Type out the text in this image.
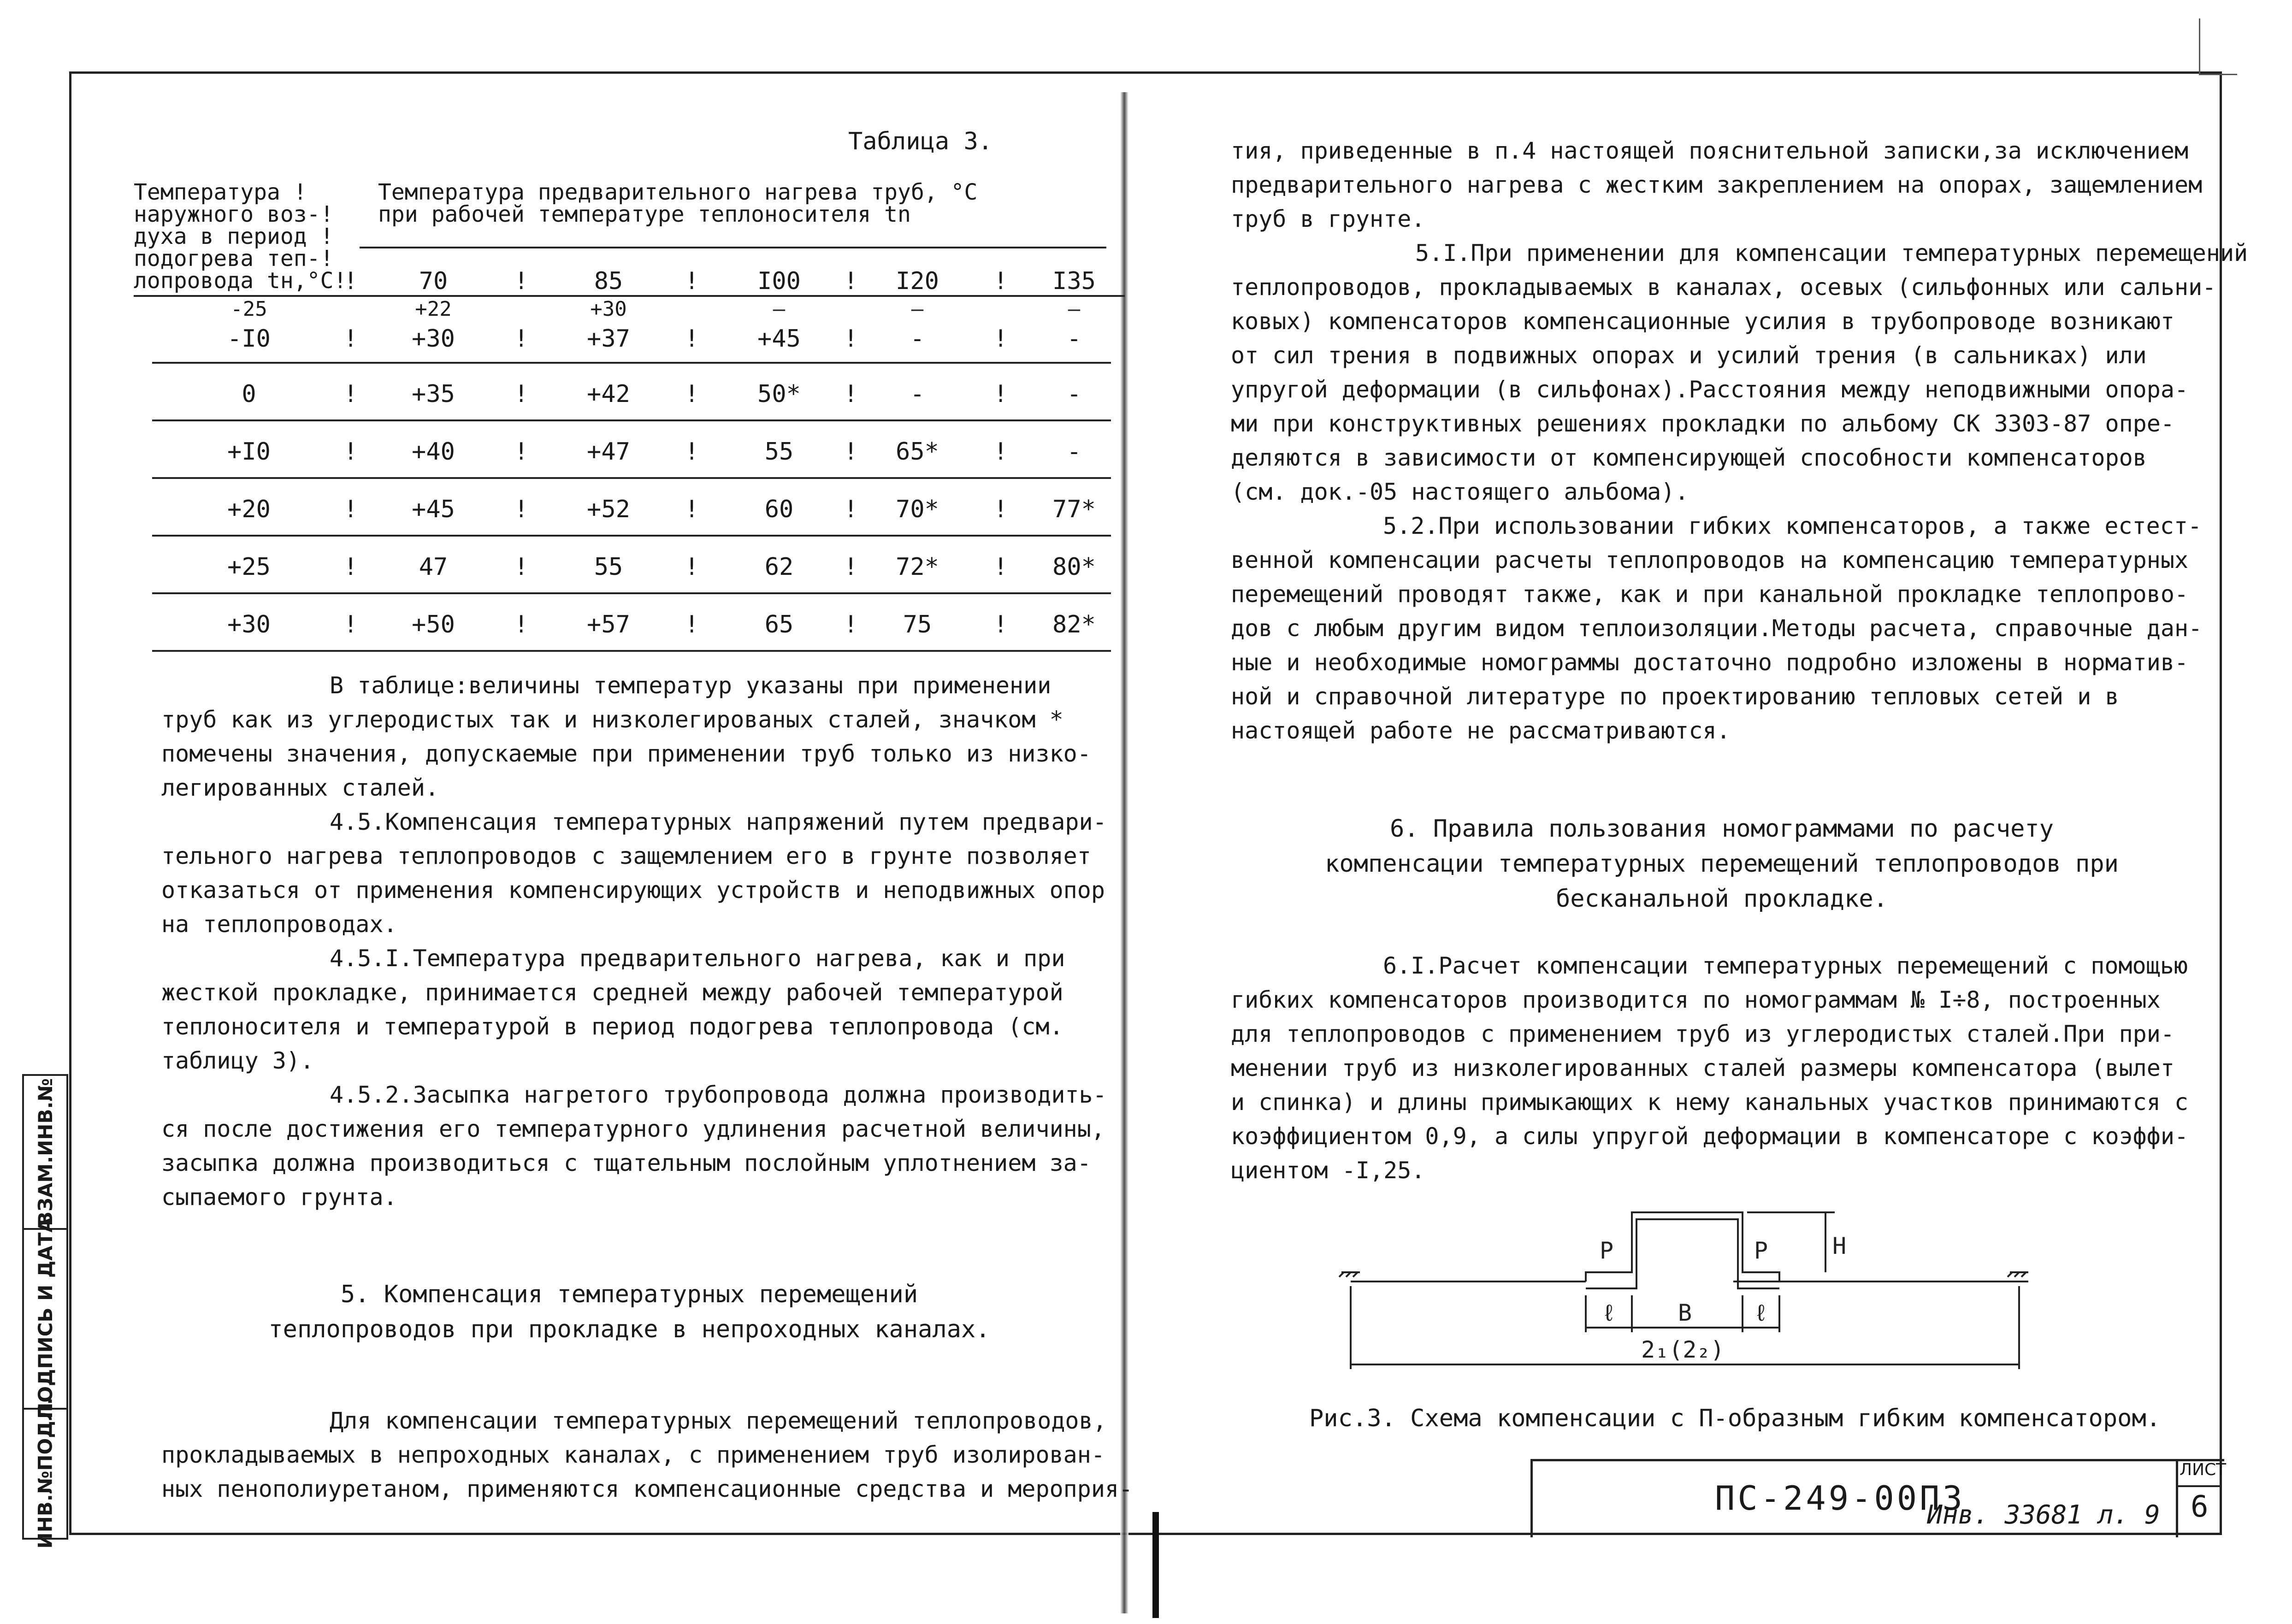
ВЗАМ.ИНВ.№
ПОДПИСЬ И ДАТА
ИНВ.№ПОДЛ.
Таблица 3.
Температура !
наружного воз-!
духа в период !
подогрева теп-!
лопровода tн,°С!
Температура предварительного нагрева труб, °С
при рабочей температуре теплоносителя tn
70	85	I00	I20	I35
-25	+22	+30	—	—	—
-I0	+30	+37	+45	-	-
0	+35	+42	50*	-	-
+I0	+40	+47	55	65*	-
+20	+45	+52	60	70*	77*
+25	47	55	62	72*	80*
+30	+50	+57	65	75	82*
!	!	!	!	!
!	!	!	!	!
!	!	!	!	!
!	!	!	!	!
!	!	!	!	!
!	!	!	!	!
!	!	!	!	!
В таблице:величины температур указаны при применении
труб как из углеродистых так и низколегированых сталей, значком *
помечены значения, допускаемые при применении труб только из низко-
легированных сталей.
4.5.Компенсация температурных напряжений путем предвари-
тельного нагрева теплопроводов с защемлением его в грунте позволяет
отказаться от применения компенсирующих устройств и неподвижных опор
на теплопроводах.
4.5.I.Температура предварительного нагрева, как и при
жесткой прокладке, принимается средней между рабочей температурой
теплоносителя и температурой в период подогрева теплопровода (см.
таблицу 3).
4.5.2.Засыпка нагретого трубопровода должна производить-
ся после достижения его температурного удлинения расчетной величины,
засыпка должна производиться с тщательным послойным уплотнением за-
сыпаемого грунта.
5. Компенсация температурных перемещений
теплопроводов при прокладке в непроходных каналах.
Для компенсации температурных перемещений теплопроводов,
прокладываемых в непроходных каналах, с применением труб изолирован-
ных пенополиуретаном, применяются компенсационные средства и мероприя-
тия, приведенные в п.4 настоящей пояснительной записки,за исключением
предварительного нагрева с жестким закреплением на опорах, защемлением
труб в грунте.
5.I.При применении для компенсации температурных перемещений
теплопроводов, прокладываемых в каналах, осевых (сильфонных или сальни-
ковых) компенсаторов компенсационные усилия в трубопроводе возникают
от сил трения в подвижных опорах и усилий трения (в сальниках) или
упругой деформации (в сильфонах).Расстояния между неподвижными опора-
ми при конструктивных решениях прокладки по альбому СК 3303-87 опре-
деляются в зависимости от компенсирующей способности компенсаторов
(см. док.-05 настоящего альбома).
5.2.При использовании гибких компенсаторов, а также естест-
венной компенсации расчеты теплопроводов на компенсацию температурных
перемещений проводят также, как и при канальной прокладке теплопрово-
дов с любым другим видом теплоизоляции.Методы расчета, справочные дан-
ные и необходимые номограммы достаточно подробно изложены в норматив-
ной и справочной литературе по проектированию тепловых сетей и в
настоящей работе не рассматриваются.
6. Правила пользования номограммами по расчету
компенсации температурных перемещений теплопроводов при
бесканальной прокладке.
6.I.Расчет компенсации температурных перемещений с помощью
гибких компенсаторов производится по номограммам № I÷8, построенных
для теплопроводов с применением труб из углеродистых сталей.При при-
менении труб из низколегированных сталей размеры компенсатора (вылет
и спинка) и длины примыкающих к нему канальных участков принимаются с
коэффициентом 0,9, а силы упругой деформации в компенсаторе с коэффи-
циентом -I,25.
P	P	H
ℓ	B	ℓ
2₁(2₂)
Рис.3. Схема компенсации с П-образным гибким компенсатором.
ПС-249-00ПЗ
Инв. 33681 л. 9
ЛИСТ
6
